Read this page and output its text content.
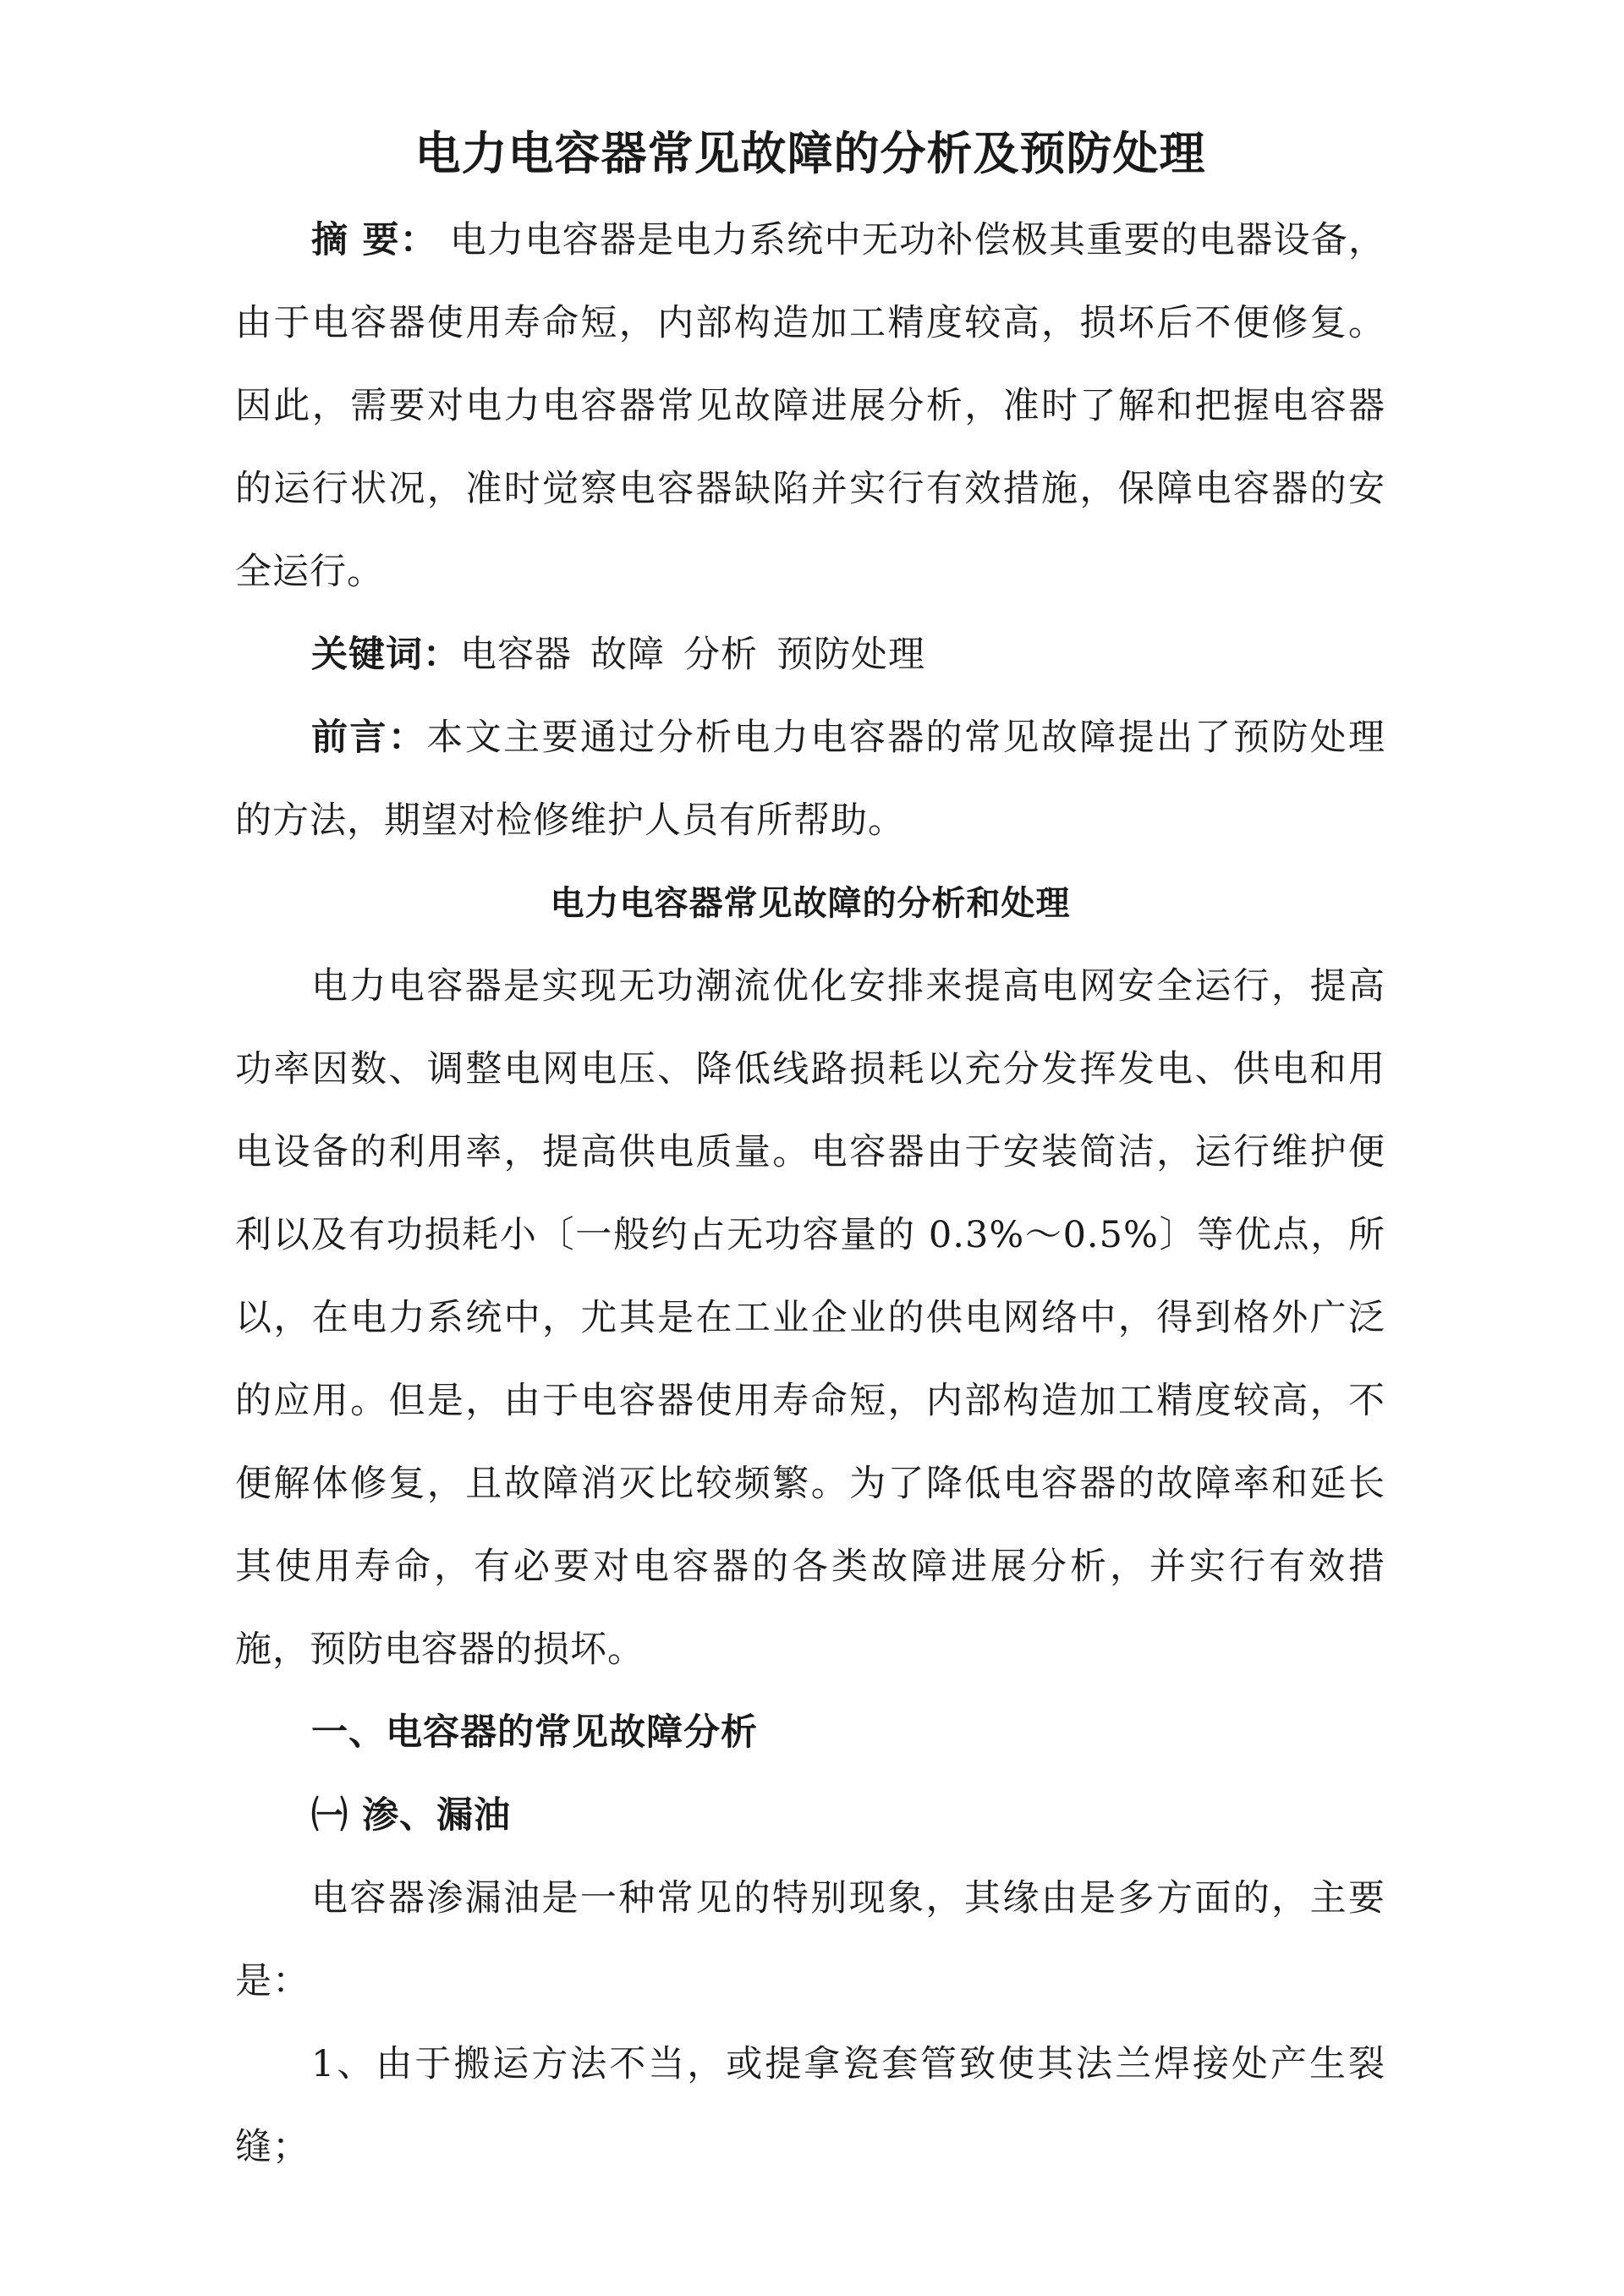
电力电容器常见故障的分析及预防处理

摘 要： 电力电容器是电力系统中无功补偿极其重要的电器设备，由于电容器使用寿命短，内部构造加工精度较高，损坏后不便修复。因此，需要对电力电容器常见故障进展分析，准时了解和把握电容器的运行状况，准时觉察电容器缺陷并实行有效措施，保障电容器的安全运行。

关键词：电容器 故障 分析 预防处理

前言：本文主要通过分析电力电容器的常见故障提出了预防处理的方法，期望对检修维护人员有所帮助。

电力电容器常见故障的分析和处理

电力电容器是实现无功潮流优化安排来提高电网安全运行，提高功率因数、调整电网电压、降低线路损耗以充分发挥发电、供电和用电设备的利用率，提高供电质量。电容器由于安装简洁，运行维护便利以及有功损耗小〔一般约占无功容量的 0.3%～0.5%〕等优点，所以，在电力系统中，尤其是在工业企业的供电网络中，得到格外广泛的应用。但是，由于电容器使用寿命短，内部构造加工精度较高，不便解体修复，且故障消灭比较频繁。为了降低电容器的故障率和延长其使用寿命，有必要对电容器的各类故障进展分析，并实行有效措施，预防电容器的损坏。

一、电容器的常见故障分析
㈠ 渗、漏油

电容器渗漏油是一种常见的特别现象，其缘由是多方面的，主要是：

1、由于搬运方法不当，或提拿瓷套管致使其法兰焊接处产生裂缝；
